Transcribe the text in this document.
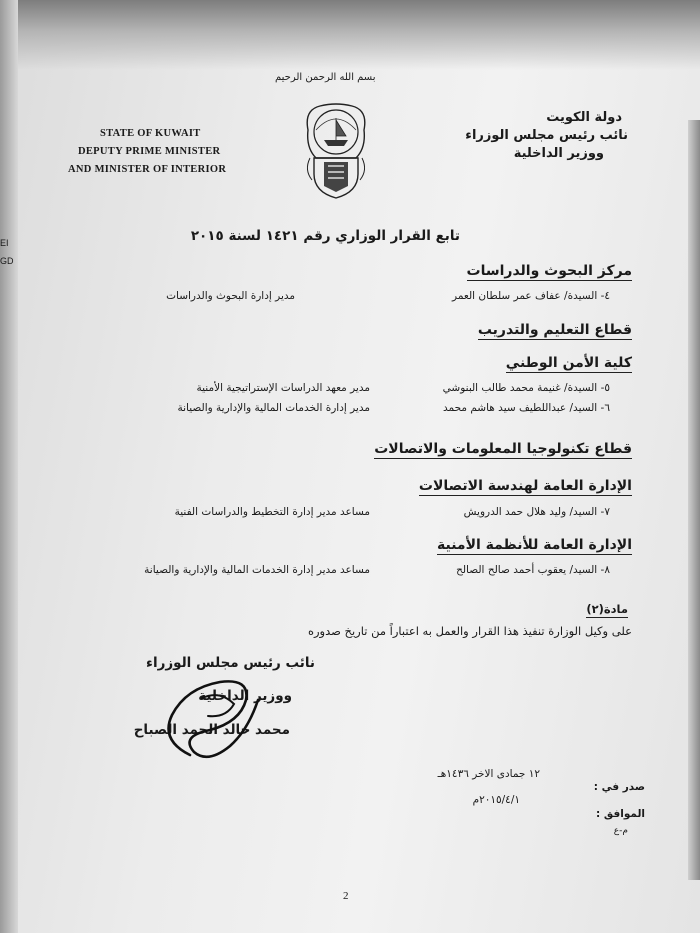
EI
GD
بسم الله الرحمن الرحيم
STATE OF KUWAIT
DEPUTY PRIME MINISTER
AND MINISTER OF INTERIOR
دولة الكويت
نائب رئيس مجلس الوزراء
ووزير الداخلية
تابع القرار الوزاري رقم ١٤٢١ لسنة ٢٠١٥
مركز البحوث والدراسات
٤- السيدة/ عفاف عمر سلطان العمر
مدير إدارة البحوث والدراسات
قطاع التعليم والتدريب
كلية الأمن الوطني
٥- السيدة/ غنيمة محمد طالب البنوشي
مدير معهد الدراسات الإستراتيجية الأمنية
٦- السيد/ عبداللطيف سيد هاشم محمد
مدير إدارة الخدمات المالية والإدارية والصيانة
قطاع تكنولوجيا المعلومات والاتصالات
الإدارة العامة لهندسة الاتصالات
٧- السيد/ وليد هلال حمد الدرويش
مساعد مدير إدارة التخطيط والدراسات الفنية
الإدارة العامة للأنظمة الأمنية
٨- السيد/ يعقوب أحمد صالح الصالح
مساعد مدير إدارة الخدمات المالية والإدارية والصيانة
مادة(٢)
على وكيل الوزارة تنفيذ هذا القرار والعمل به اعتباراً من تاريخ صدوره
نائب رئيس مجلس الوزراء
ووزير الداخلية
محمد خالد الحمد الصباح
١٢ جمادى الاخر ١٤٣٦هـ
٢٠١٥/٤/١م
صدر في :
الموافق :
م-ع
2
